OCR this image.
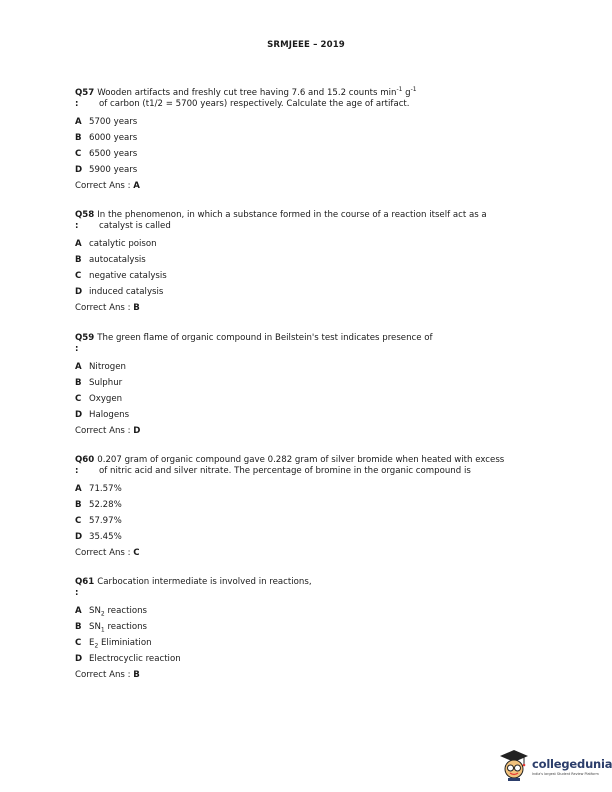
SRMJEEE – 2019
Q57 Wooden artifacts and freshly cut tree having 7.6 and 15.2 counts $\min^{-1} g^{-1}$
:	of carbon (t1/2 = 5700 years) respectively. Calculate the age of artifact.
A 5700 years
B 6000 years
C 6500 years
D 5900 years
Correct Ans : A
Q58 In the phenomenon, in which a substance formed in the course of a reaction itself act as a
:	catalyst is called
A catalytic poison
B autocatalysis
C negative catalysis
D induced catalysis
Correct Ans : B
Q59 The green flame of organic compound in Beilstein's test indicates presence of
:
A Nitrogen
B Sulphur
C Oxygen
D Halogens
Correct Ans : D
Q60 0.207 gram of organic compound gave 0.282 gram of silver bromide when heated with excess
:	of nitric acid and silver nitrate. The percentage of bromine in the organic compound is
A 71.57%
B 52.28%
C 57.97%
D 35.45%
Correct Ans : C
Q61 Carbocation intermediate is involved in reactions,
:
A $SN_2$ reactions
B $SN_1$ reactions
C $E_2$ Eliminiation
D Electrocyclic reaction
Correct Ans : B
collegedunia
India's largest Student Review Platform
